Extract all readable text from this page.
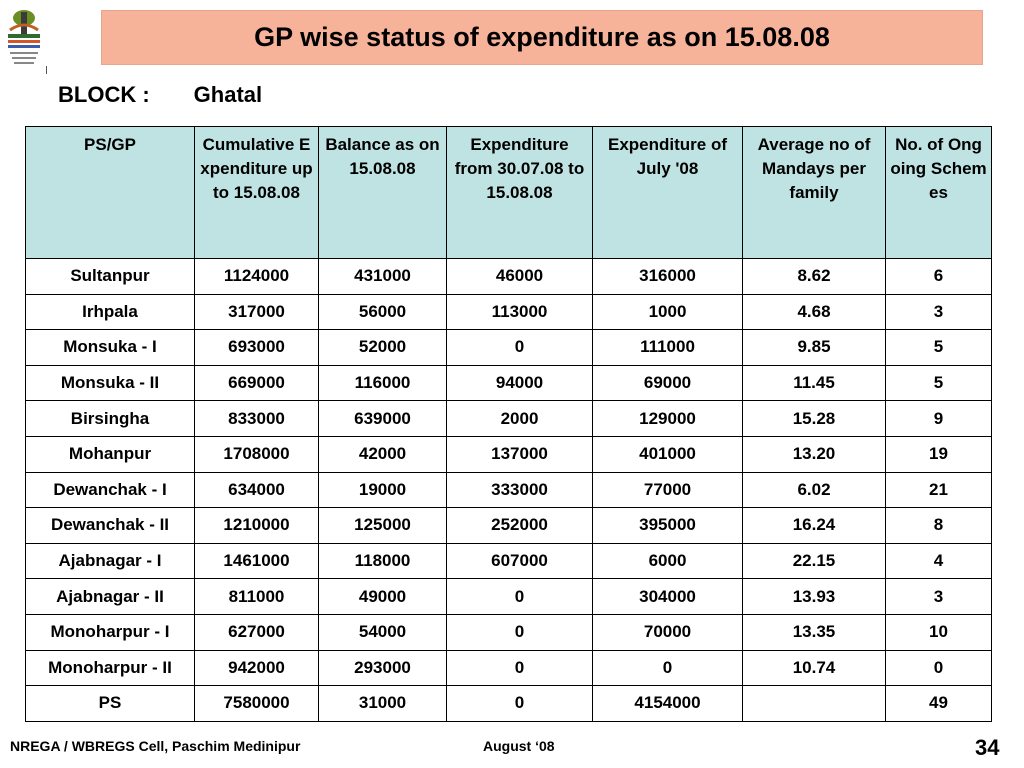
GP wise status of expenditure as on 15.08.08
BLOCK : Ghatal
PS/GP	Cumulative Expenditure upto 15.08.08	Balance as on 15.08.08	Expenditure from 30.07.08 to 15.08.08	Expenditure of July '08	Average no of Mandays per family	No. of Ongoing Schemes
Sultanpur	1124000	431000	46000	316000	8.62	6
Irhpala	317000	56000	113000	1000	4.68	3
Monsuka - I	693000	52000	0	111000	9.85	5
Monsuka - II	669000	116000	94000	69000	11.45	5
Birsingha	833000	639000	2000	129000	15.28	9
Mohanpur	1708000	42000	137000	401000	13.20	19
Dewanchak - I	634000	19000	333000	77000	6.02	21
Dewanchak - II	1210000	125000	252000	395000	16.24	8
Ajabnagar - I	1461000	118000	607000	6000	22.15	4
Ajabnagar - II	811000	49000	0	304000	13.93	3
Monoharpur - I	627000	54000	0	70000	13.35	10
Monoharpur - II	942000	293000	0	0	10.74	0
PS	7580000	31000	0	4154000		49
NREGA / WBREGS Cell, Paschim Medinipur	August ‘08	34
